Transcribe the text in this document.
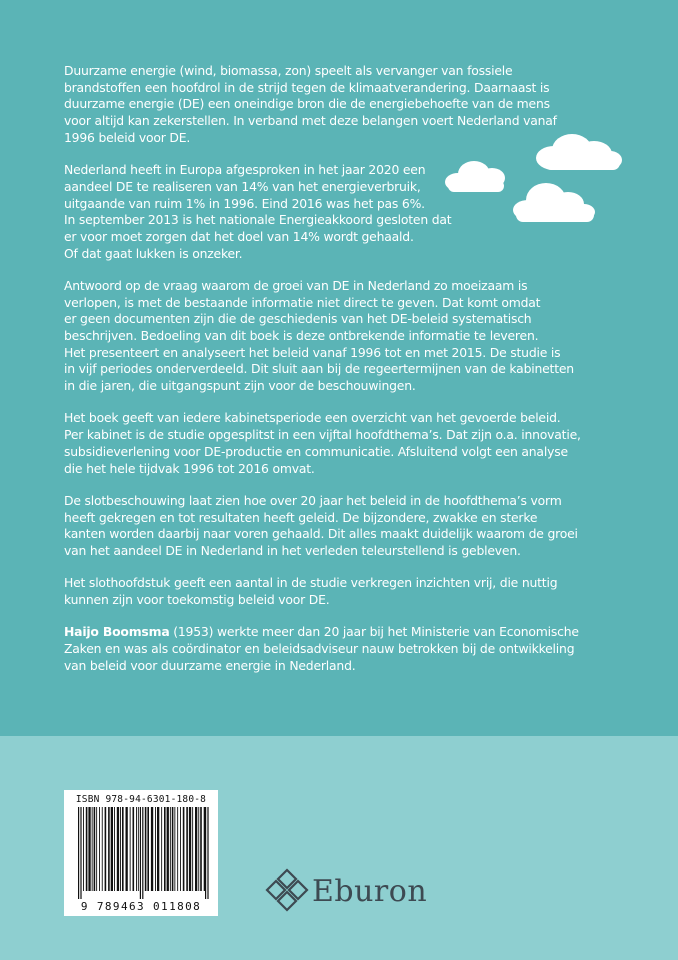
Duurzame energie (wind, biomassa, zon) speelt als vervanger van fossiele
brandstoffen een hoofdrol in de strijd tegen de klimaatverandering. Daarnaast is
duurzame energie (DE) een oneindige bron die de energiebehoefte van de mens
voor altijd kan zekerstellen. In verband met deze belangen voert Nederland vanaf
1996 beleid voor DE.

Nederland heeft in Europa afgesproken in het jaar 2020 een
aandeel DE te realiseren van 14% van het energieverbruik,
uitgaande van ruim 1% in 1996. Eind 2016 was het pas 6%.
In september 2013 is het nationale Energieakkoord gesloten dat
er voor moet zorgen dat het doel van 14% wordt gehaald.
Of dat gaat lukken is onzeker.

Antwoord op de vraag waarom de groei van DE in Nederland zo moeizaam is
verlopen, is met de bestaande informatie niet direct te geven. Dat komt omdat
er geen documenten zijn die de geschiedenis van het DE-beleid systematisch
beschrijven. Bedoeling van dit boek is deze ontbrekende informatie te leveren.
Het presenteert en analyseert het beleid vanaf 1996 tot en met 2015. De studie is
in vijf periodes onderverdeeld. Dit sluit aan bij de regeertermijnen van de kabinetten
in die jaren, die uitgangspunt zijn voor de beschouwingen.

Het boek geeft van iedere kabinetsperiode een overzicht van het gevoerde beleid.
Per kabinet is de studie opgesplitst in een vijftal hoofdthema’s. Dat zijn o.a. innovatie,
subsidieverlening voor DE-productie en communicatie. Afsluitend volgt een analyse
die het hele tijdvak 1996 tot 2016 omvat.

De slotbeschouwing laat zien hoe over 20 jaar het beleid in de hoofdthema’s vorm
heeft gekregen en tot resultaten heeft geleid. De bijzondere, zwakke en sterke
kanten worden daarbij naar voren gehaald. Dit alles maakt duidelijk waarom de groei
van het aandeel DE in Nederland in het verleden teleurstellend is gebleven.

Het slothoofdstuk geeft een aantal in de studie verkregen inzichten vrij, die nuttig
kunnen zijn voor toekomstig beleid voor DE.

Haijo Boomsma (1953) werkte meer dan 20 jaar bij het Ministerie van Economische
Zaken en was als coördinator en beleidsadviseur nauw betrokken bij de ontwikkeling
van beleid voor duurzame energie in Nederland.

ISBN 978-94-6301-180-8
9 789463 011808	Eburon
